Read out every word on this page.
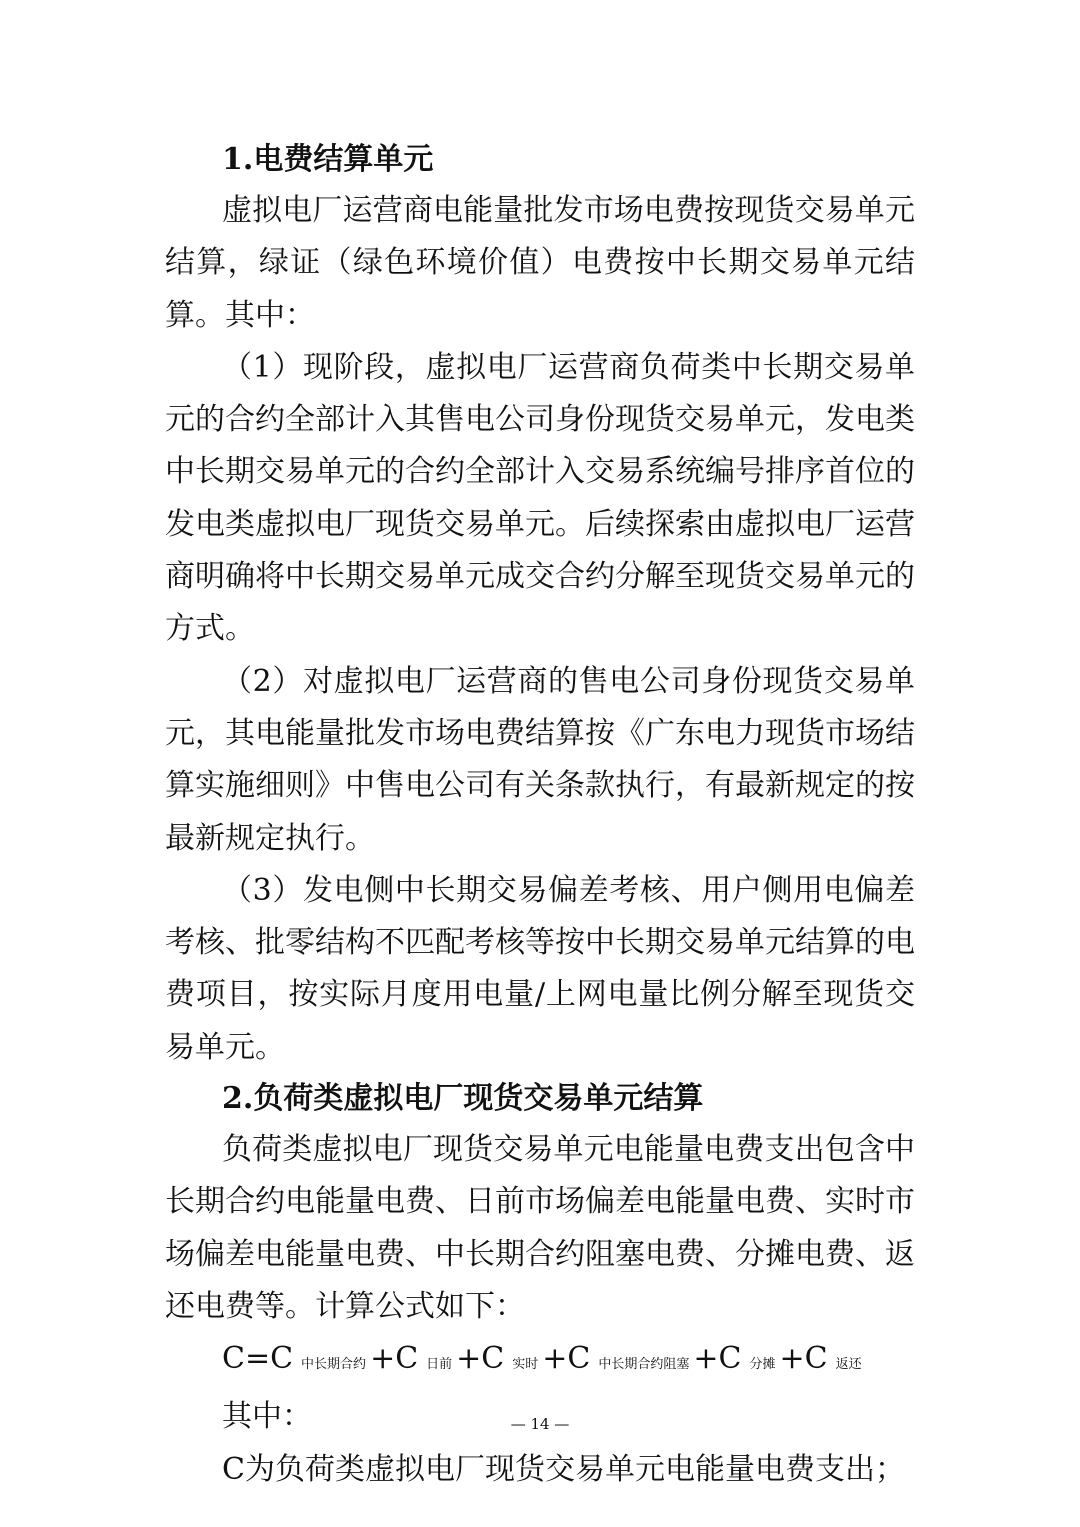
1.电费结算单元

虚拟电厂运营商电能量批发市场电费按现货交易单元结算，绿证（绿色环境价值）电费按中长期交易单元结算。其中：

（1）现阶段，虚拟电厂运营商负荷类中长期交易单元的合约全部计入其售电公司身份现货交易单元，发电类中长期交易单元的合约全部计入交易系统编号排序首位的发电类虚拟电厂现货交易单元。后续探索由虚拟电厂运营商明确将中长期交易单元成交合约分解至现货交易单元的方式。

（2）对虚拟电厂运营商的售电公司身份现货交易单元，其电能量批发市场电费结算按《广东电力现货市场结算实施细则》中售电公司有关条款执行，有最新规定的按最新规定执行。

（3）发电侧中长期交易偏差考核、用户侧用电偏差考核、批零结构不匹配考核等按中长期交易单元结算的电费项目，按实际月度用电量/上网电量比例分解至现货交易单元。

2.负荷类虚拟电厂现货交易单元结算

负荷类虚拟电厂现货交易单元电能量电费支出包含中长期合约电能量电费、日前市场偏差电能量电费、实时市场偏差电能量电费、中长期合约阻塞电费、分摊电费、返还电费等。计算公式如下：

C=C 中长期合约 +C 日前 +C 实时 +C 中长期合约阻塞 +C 分摊 +C 返还

其中：

C为负荷类虚拟电厂现货交易单元电能量电费支出；

— 14 —
